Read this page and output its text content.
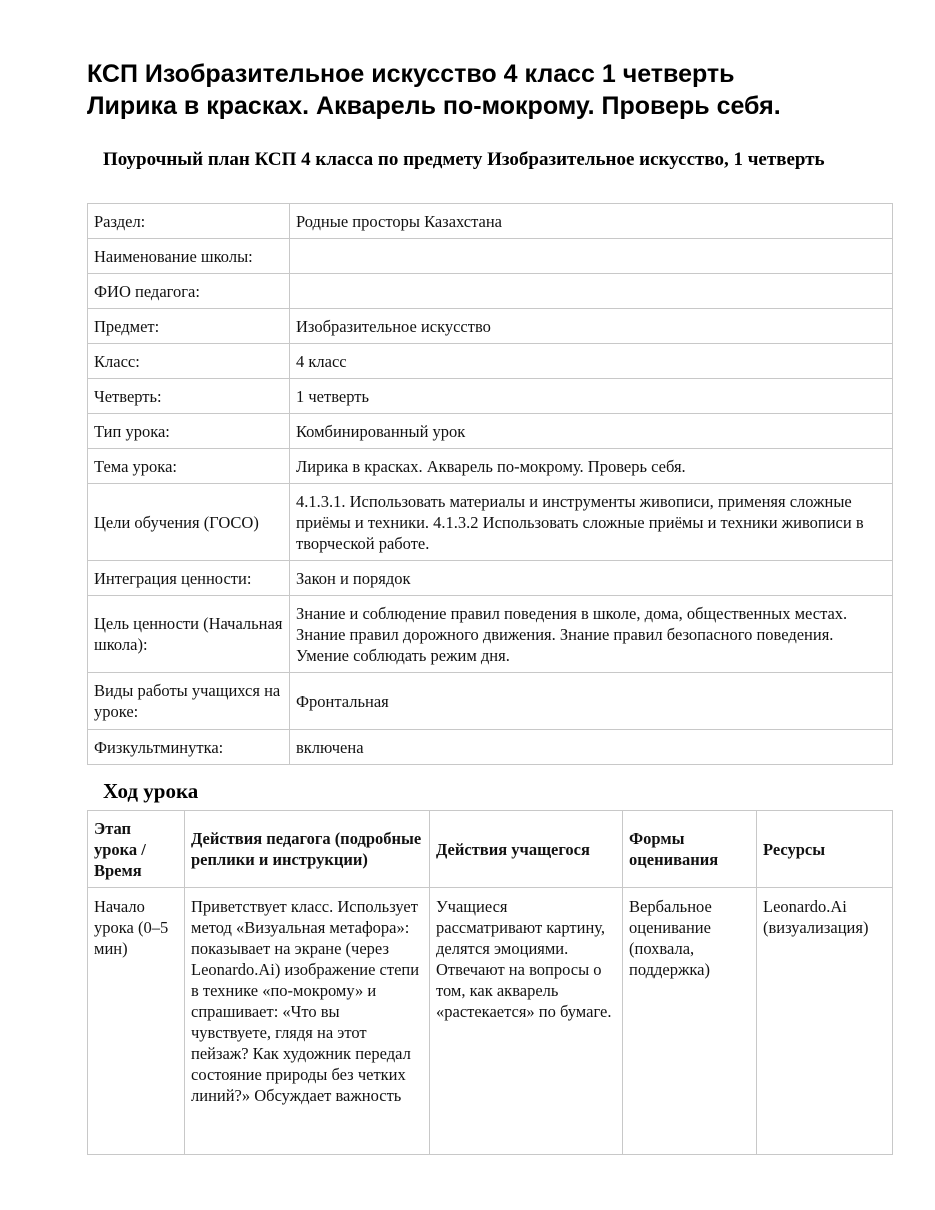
КСП Изобразительное искусство 4 класс 1 четверть
Лирика в красках. Акварель по-мокрому. Проверь себя.
Поурочный план КСП 4 класса по предмету Изобразительное искусство, 1 четверть
Раздел:	Родные просторы Казахстана
Наименование школы:	
ФИО педагога:	
Предмет:	Изобразительное искусство
Класс:	4 класс
Четверть:	1 четверть
Тип урока:	Комбинированный урок
Тема урока:	Лирика в красках. Акварель по-мокрому. Проверь себя.
Цели обучения (ГОСО)	4.1.3.1. Использовать материалы и инструменты живописи, применяя сложные приёмы и техники. 4.1.3.2 Использовать сложные приёмы и техники живописи в творческой работе.
Интеграция ценности:	Закон и порядок
Цель ценности (Начальная школа):	Знание и соблюдение правил поведения в школе, дома, общественных местах. Знание правил дорожного движения. Знание правил безопасного поведения. Умение соблюдать режим дня.
Виды работы учащихся на уроке:	Фронтальная
Физкультминутка:	включена
Ход урока
Этап урока / Время	Действия педагога (подробные реплики и инструкции)	Действия учащегося	Формы оценивания	Ресурсы
Начало урока (0–5 мин)	Приветствует класс. Использует метод «Визуальная метафора»: показывает на экране (через Leonardo.Ai) изображение степи в технике «по-мокрому» и спрашивает: «Что вы чувствуете, глядя на этот пейзаж? Как художник передал состояние природы без четких линий?» Обсуждает важность	Учащиеся рассматривают картину, делятся эмоциями. Отвечают на вопросы о том, как акварель «растекается» по бумаге.	Вербальное оценивание (похвала, поддержка)	Leonardo.Ai (визуализация)
